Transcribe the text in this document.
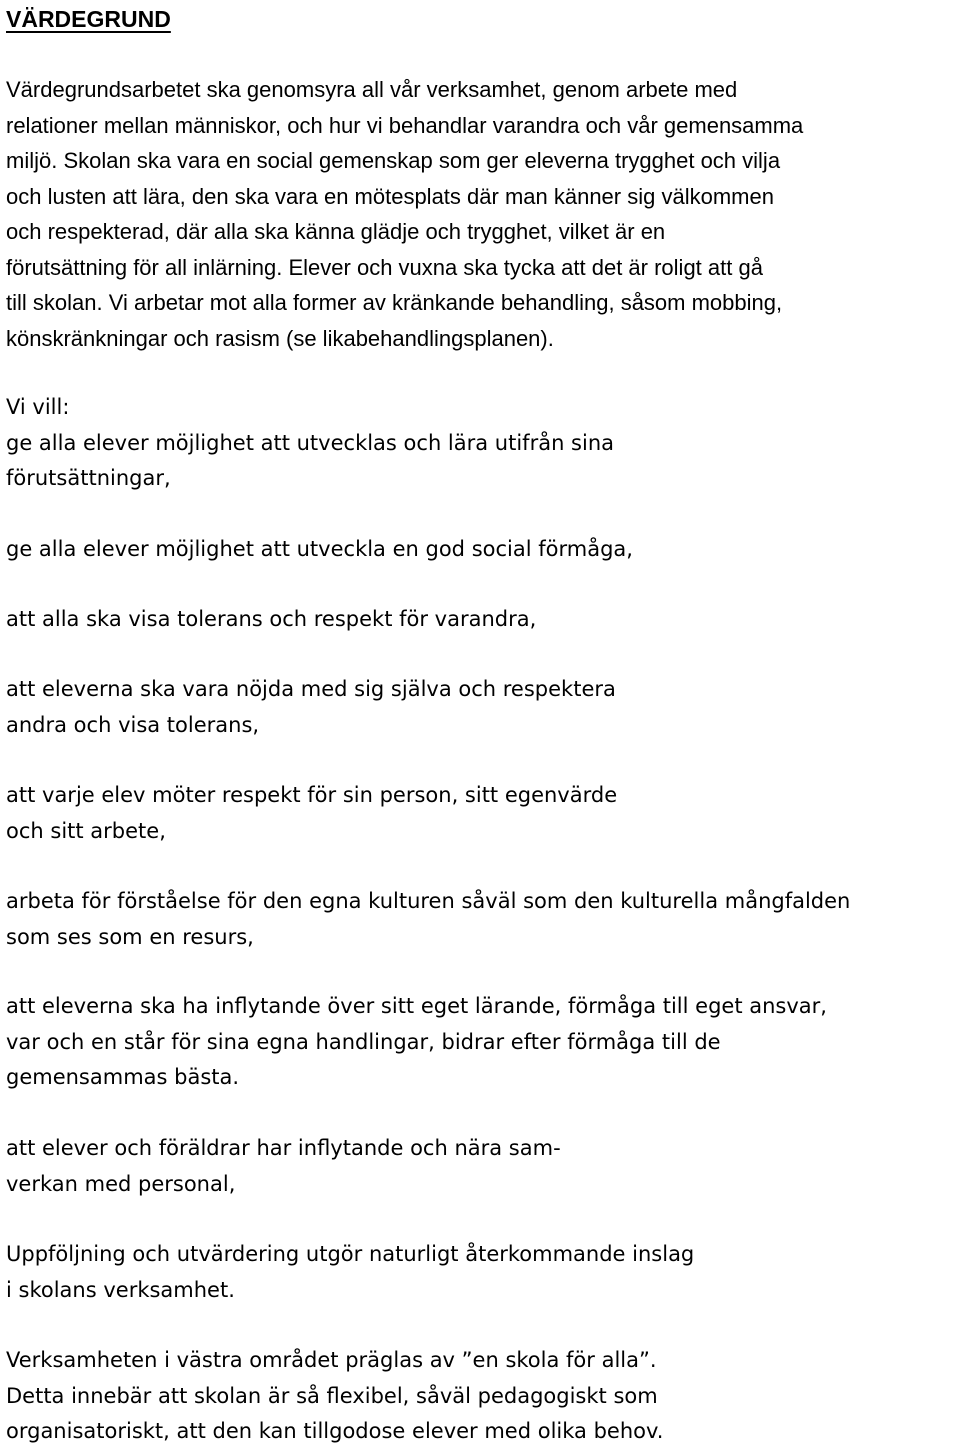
VÄRDEGRUND
Värdegrundsarbetet ska genomsyra all vår verksamhet, genom arbete med
relationer mellan människor, och hur vi behandlar varandra och vår gemensamma
miljö. Skolan ska vara en social gemenskap som ger eleverna trygghet och vilja
och lusten att lära, den ska vara en mötesplats där man känner sig välkommen
och respekterad, där alla ska känna glädje och trygghet, vilket är en
förutsättning för all inlärning. Elever och vuxna ska tycka att det är roligt att gå
till skolan. Vi arbetar mot alla former av kränkande behandling, såsom mobbing,
könskränkningar och rasism (se likabehandlingsplanen).
Vi vill:
ge alla elever möjlighet att utvecklas och lära utifrån sina
förutsättningar,
ge alla elever möjlighet att utveckla en god social förmåga,
att alla ska visa tolerans och respekt för varandra,
att eleverna ska vara nöjda med sig själva och respektera
andra och visa tolerans,
att varje elev möter respekt för sin person, sitt egenvärde
och sitt arbete,
arbeta för förståelse för den egna kulturen såväl som den kulturella mångfalden
som ses som en resurs,
att eleverna ska ha inflytande över sitt eget lärande, förmåga till eget ansvar,
var och en står för sina egna handlingar, bidrar efter förmåga till de
gemensammas bästa.
att elever och föräldrar har inflytande och nära sam-
verkan med personal,
Uppföljning och utvärdering utgör naturligt återkommande inslag
i skolans verksamhet.
Verksamheten i västra området präglas av ”en skola för alla”.
Detta innebär att skolan är så flexibel, såväl pedagogiskt som
organisatoriskt, att den kan tillgodose elever med olika behov.
